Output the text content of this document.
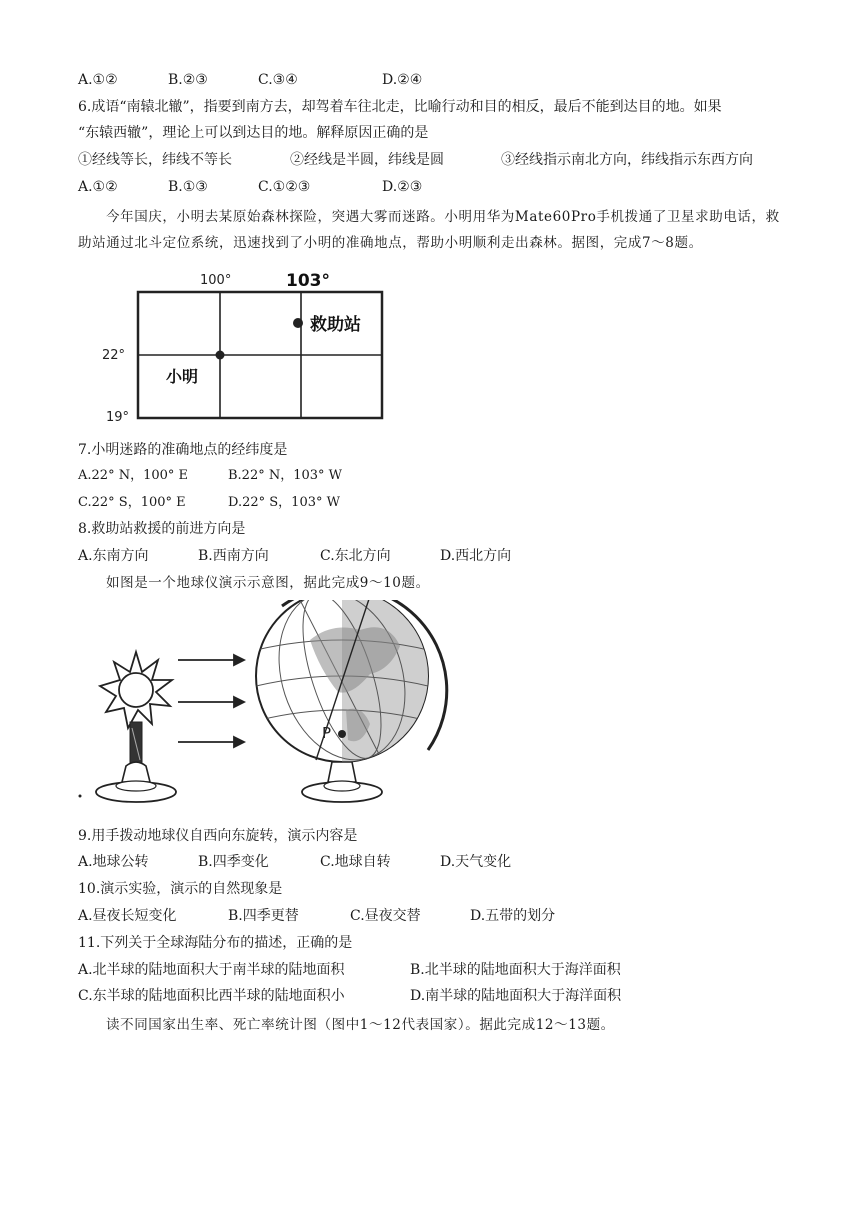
A.①②	B.②③	C.③④	D.②④
6.成语“南辕北辙”，指要到南方去，却驾着车往北走，比喻行动和目的相反，最后不能到达目的地。如果
“东辕西辙”，理论上可以到达目的地。解释原因正确的是
①经线等长，纬线不等长	②经线是半圆，纬线是圆	③经线指示南北方向，纬线指示东西方向
A.①②	B.①③	C.①②③	D.②③
今年国庆，小明去某原始森林探险，突遇大雾而迷路。小明用华为Mate60Pro手机拨通了卫星求助电话，救助站通过北斗定位系统，迅速找到了小明的准确地点，帮助小明顺利走出森林。据图，完成7～8题。
100°	103°
22°
19°
救助站
小明
7.小明迷路的准确地点的经纬度是
A.22° N，100° E	B.22° N，103° W
C.22° S，100° E	D.22° S，103° W
8.救助站救援的前进方向是
A.东南方向	B.西南方向	C.东北方向	D.西北方向
如图是一个地球仪演示示意图，据此完成9～10题。
P
9.用手拨动地球仪自西向东旋转，演示内容是
A.地球公转	B.四季变化	C.地球自转	D.天气变化
10.演示实验，演示的自然现象是
A.昼夜长短变化	B.四季更替	C.昼夜交替	D.五带的划分
11.下列关于全球海陆分布的描述，正确的是
A.北半球的陆地面积大于南半球的陆地面积	B.北半球的陆地面积大于海洋面积
C.东半球的陆地面积比西半球的陆地面积小	D.南半球的陆地面积大于海洋面积
读不同国家出生率、死亡率统计图（图中1～12代表国家）。据此完成12～13题。
